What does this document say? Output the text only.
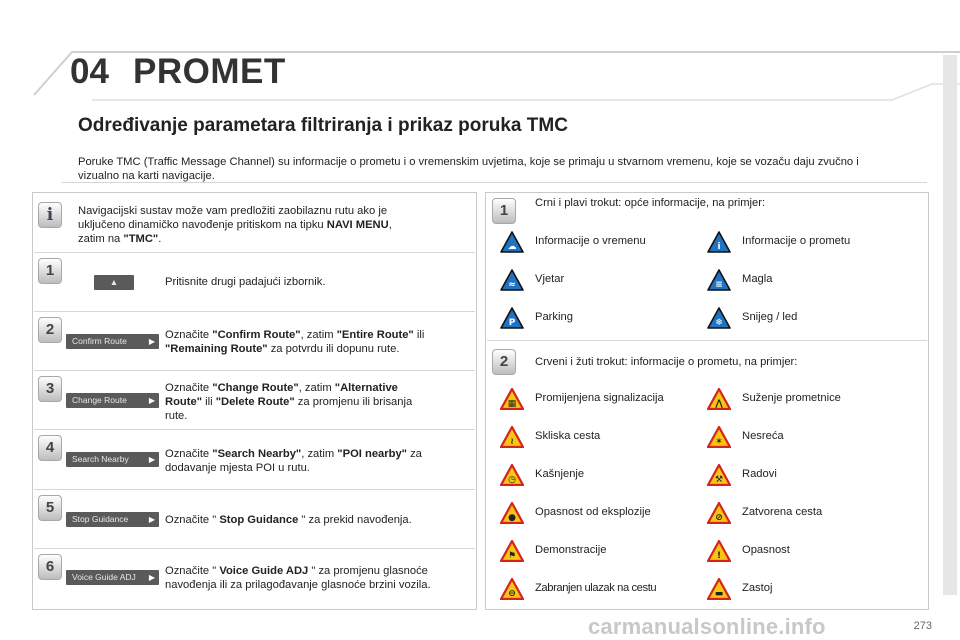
04 PROMET
Određivanje parametara filtriranja i prikaz poruka TMC
Poruke TMC (Traffic Message Channel) su informacije o prometu i o vremenskim uvjetima, koje se primaju u stvarnom vremenu, koje se vozaču daju zvučno i vizualno na karti navigacije.
i	Navigacijski sustav može vam predložiti zaobilaznu rutu ako je
uključeno dinamičko navođenje pritiskom na tipku NAVI MENU,
zatim na "TMC".
1
▲	Pritisnite drugi padajući izbornik.
2
Confirm Route	▶
Označite "Confirm Route", zatim "Entire Route" ili
"Remaining Route" za potvrdu ili dopunu rute.
3
Change Route	▶
Označite "Change Route", zatim "Alternative
Route" ili "Delete Route" za promjenu ili brisanja
rute.
4
Search Nearby	▶ Označite "Search Nearby", zatim "POI nearby" za
dodavanje mjesta POI u rutu.
5
Stop Guidance	▶ Označite " Stop Guidance " za prekid navođenja.
6
Voice Guide ADJ ▶
Označite " Voice Guide ADJ " za promjenu glasnoće
navođenja ili za prilagođavanje glasnoće brzini vozila.
1	Crni i plavi trokut: opće informacije, na primjer:
☁ Informacije o vremenu	i Informacije o prometu
≈ Vjetar	≡ Magla
P Parking	❄ Snijeg / led
2	Crveni i žuti trokut: informacije o prometu, na primjer:
▦ Promijenjena signalizacija	⋀ Suženje prometnice
≀ Skliska cesta	✶ Nesreća
◷ Kašnjenje	⚒ Radovi
● Opasnost od eksplozije	⊘ Zatvorena cesta
⚑ Demonstracije	! Opasnost
⊖ Zabranjen ulazak na cestu	▬ Zastoj
273
carmanualsonline.info
